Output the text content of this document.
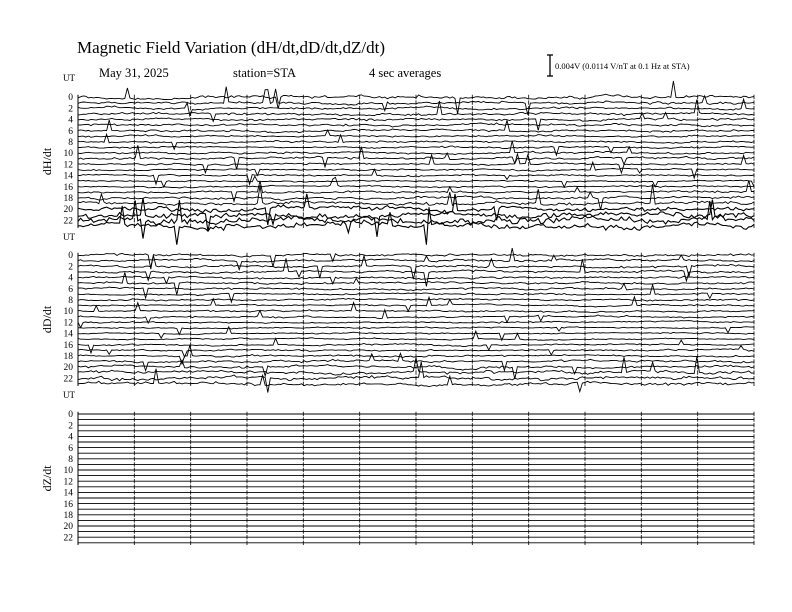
Magnetic Field Variation (dH/dt,dD/dt,dZ/dt)
May 31, 2025	station=STA	4 sec averages	0.004V (0.0114 V/nT at 0.1 Hz at STA)
UT
dH/dt
0
2
4
6
8
10
12
14
16
18
20
22
UT
dD/dt
0
2
4
6
8
10
12
14
16
18
20
22
UT
dZ/dt
0
2
4
6
8
10
12
14
16
18
20
22
